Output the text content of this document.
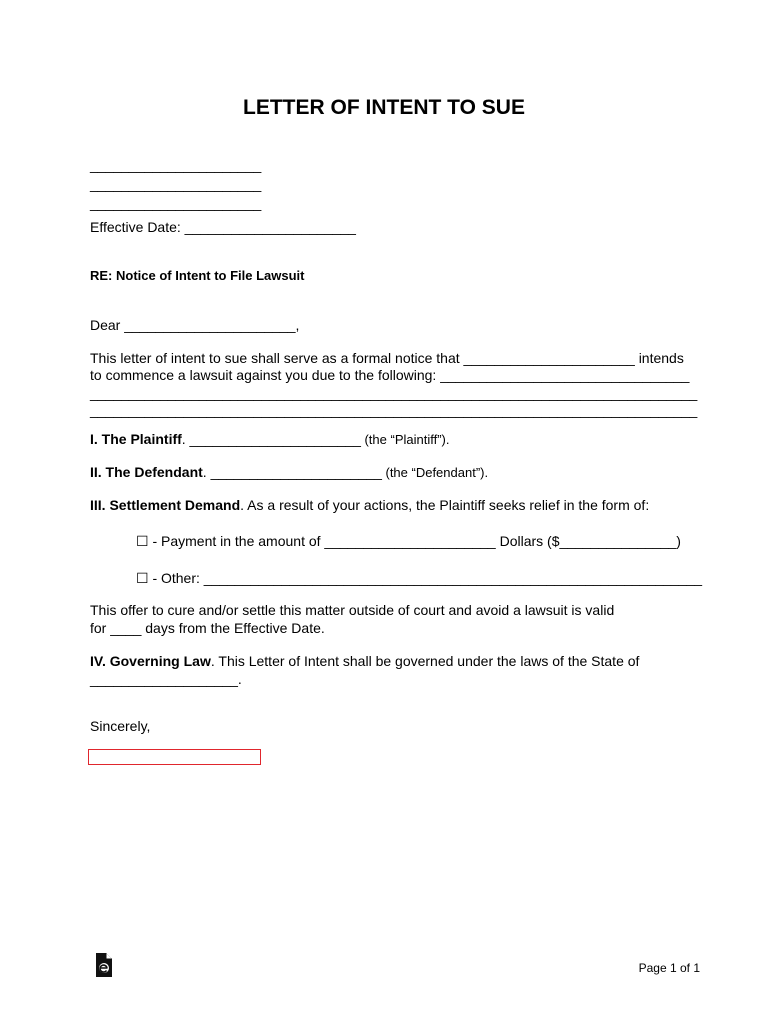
LETTER OF INTENT TO SUE
______________________
______________________
______________________
Effective Date: ______________________
RE: Notice of Intent to File Lawsuit
Dear ______________________,
This letter of intent to sue shall serve as a formal notice that ______________________ intends
to commence a lawsuit against you due to the following: ________________________________
______________________________________________________________________________
______________________________________________________________________________
I. The Plaintiff. ______________________ (the “Plaintiff”).
II. The Defendant. ______________________ (the “Defendant”).
III. Settlement Demand. As a result of your actions, the Plaintiff seeks relief in the form of:
☐ - Payment in the amount of ______________________ Dollars ($_______________)
☐ - Other: ________________________________________________________________
This offer to cure and/or settle this matter outside of court and avoid a lawsuit is valid
for ____ days from the Effective Date.
IV. Governing Law. This Letter of Intent shall be governed under the laws of the State of
___________________.
Sincerely,
Page 1 of 1
